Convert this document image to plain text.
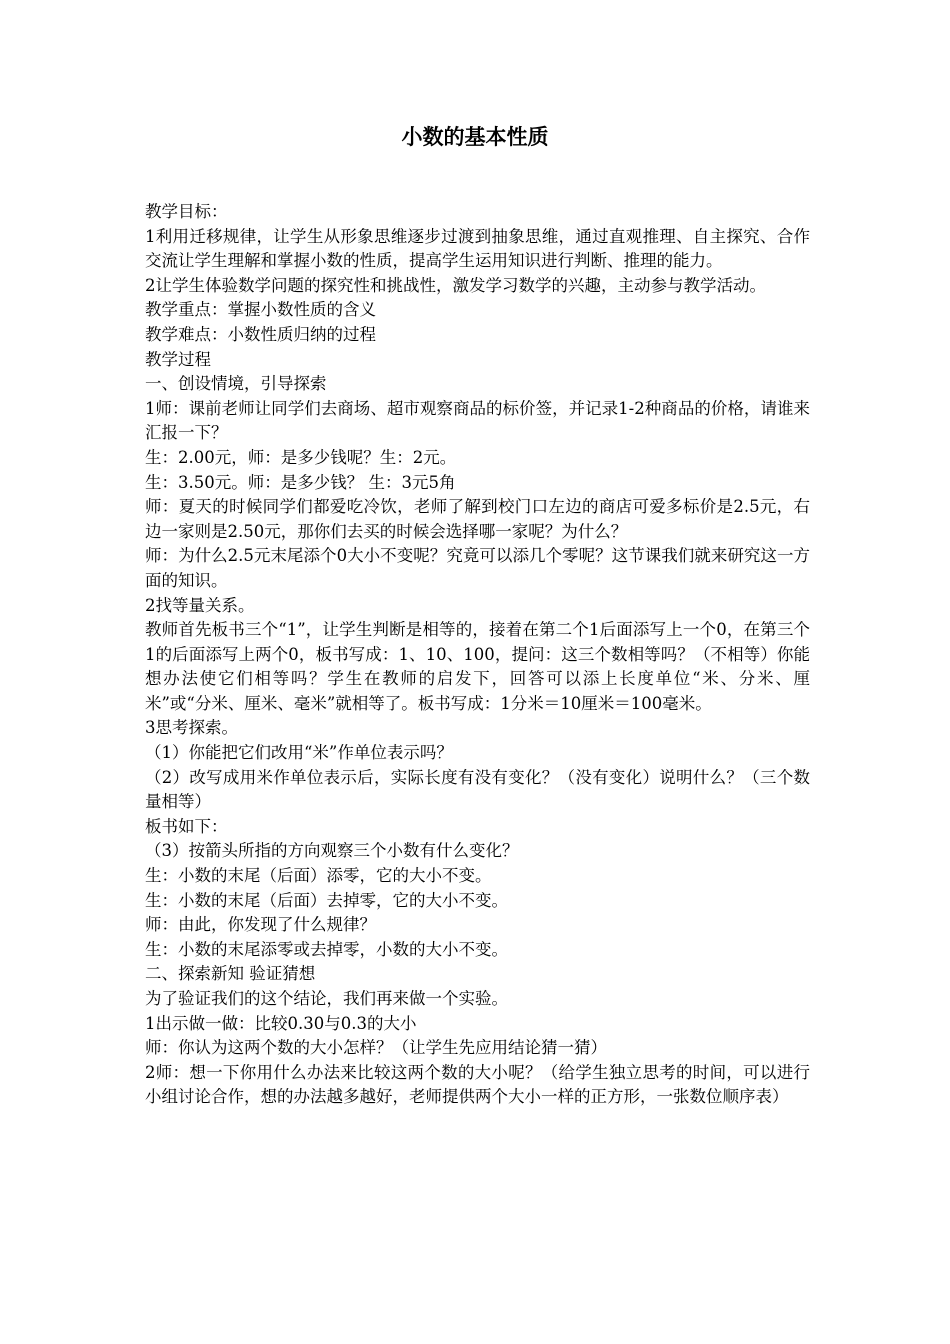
小数的基本性质

教学目标：

1利用迁移规律，让学生从形象思维逐步过渡到抽象思维，通过直观推理、自主探究、合作交流让学生理解和掌握小数的性质，提高学生运用知识进行判断、推理的能力。

2让学生体验数学问题的探究性和挑战性，激发学习数学的兴趣，主动参与教学活动。

教学重点：掌握小数性质的含义

教学难点：小数性质归纳的过程

教学过程

一、创设情境，引导探索

1师：课前老师让同学们去商场、超市观察商品的标价签，并记录1-2种商品的价格，请谁来汇报一下？

生：2.00元，师：是多少钱呢？生：2元。

生：3.50元。师：是多少钱？ 生：3元5角

师：夏天的时候同学们都爱吃冷饮，老师了解到校门口左边的商店可爱多标价是2.5元，右边一家则是2.50元，那你们去买的时候会选择哪一家呢？为什么？

师：为什么2.5元末尾添个0大小不变呢？究竟可以添几个零呢？这节课我们就来研究这一方面的知识。

2找等量关系。

教师首先板书三个“1”，让学生判断是相等的，接着在第二个1后面添写上一个0，在第三个1的后面添写上两个0，板书写成：1、10、100，提问：这三个数相等吗？（不相等）你能想办法使它们相等吗？学生在教师的启发下，回答可以添上长度单位“米、分米、厘米”或“分米、厘米、毫米”就相等了。板书写成：1分米＝10厘米＝100毫米。

3思考探索。

（1）你能把它们改用“米”作单位表示吗？

（2）改写成用米作单位表示后，实际长度有没有变化？（没有变化）说明什么？（三个数量相等）

板书如下：

（3）按箭头所指的方向观察三个小数有什么变化？

生：小数的末尾（后面）添零，它的大小不变。

生：小数的末尾（后面）去掉零，它的大小不变。

师：由此，你发现了什么规律？

生：小数的末尾添零或去掉零，小数的大小不变。

二、探索新知 验证猜想

为了验证我们的这个结论，我们再来做一个实验。

1出示做一做：比较0.30与0.3的大小

师：你认为这两个数的大小怎样？（让学生先应用结论猜一猜）

2师：想一下你用什么办法来比较这两个数的大小呢？（给学生独立思考的时间，可以进行小组讨论合作，想的办法越多越好，老师提供两个大小一样的正方形，一张数位顺序表）
